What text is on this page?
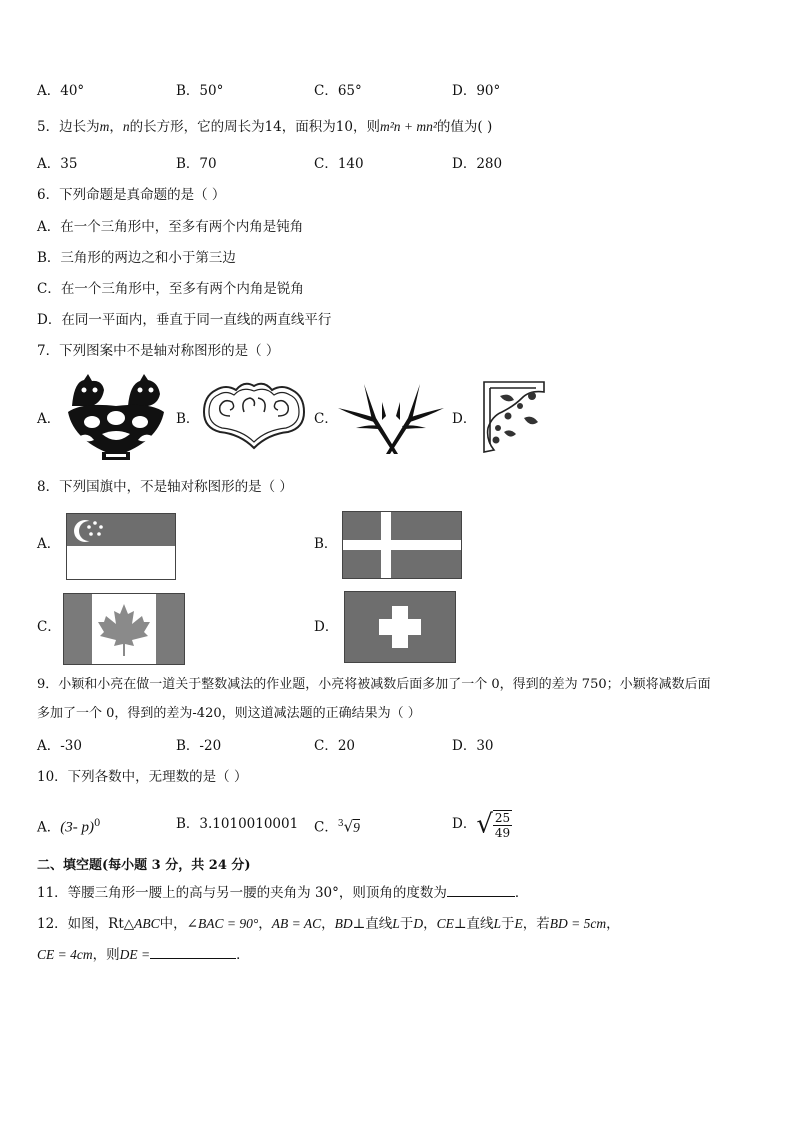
A．40°	B．50°	C．65°	D．90°
5．边长为m，n的长方形，它的周长为14，面积为10，则m²n + mn²的值为( )
A．35	B．70	C．140	D．280
6．下列命题是真命题的是（ ）
A．在一个三角形中，至多有两个内角是钝角
B．三角形的两边之和小于第三边
C．在一个三角形中，至多有两个内角是锐角
D．在同一平面内，垂直于同一直线的两直线平行
7．下列图案中不是轴对称图形的是（ ）
A．	B．	C．	D．
8．下列国旗中，不是轴对称图形的是（ ）
A．	B．
C．	D．
9．小颖和小亮在做一道关于整数减法的作业题，小亮将被减数后面多加了一个 0，得到的差为 750；小颖将减数后面
多加了一个 0，得到的差为-420，则这道减法题的正确结果为（ ）
A．-30	B．-20	C．20	D．30
10．下列各数中，无理数的是（ ）
A．(3- p)$^0$	B．3.1010010001 C．$^3$√9	D．√ $\frac{25}{49}$
二、填空题(每小题 3 分，共 24 分)
11．等腰三角形一腰上的高与另一腰的夹角为 30°，则顶角的度数为	．
12．如图，Rt△ABC中，∠BAC = 90°，AB = AC，BD⊥直线L于D，CE⊥直线L于E，若BD = 5cm，
CE = 4cm，则DE =	．
